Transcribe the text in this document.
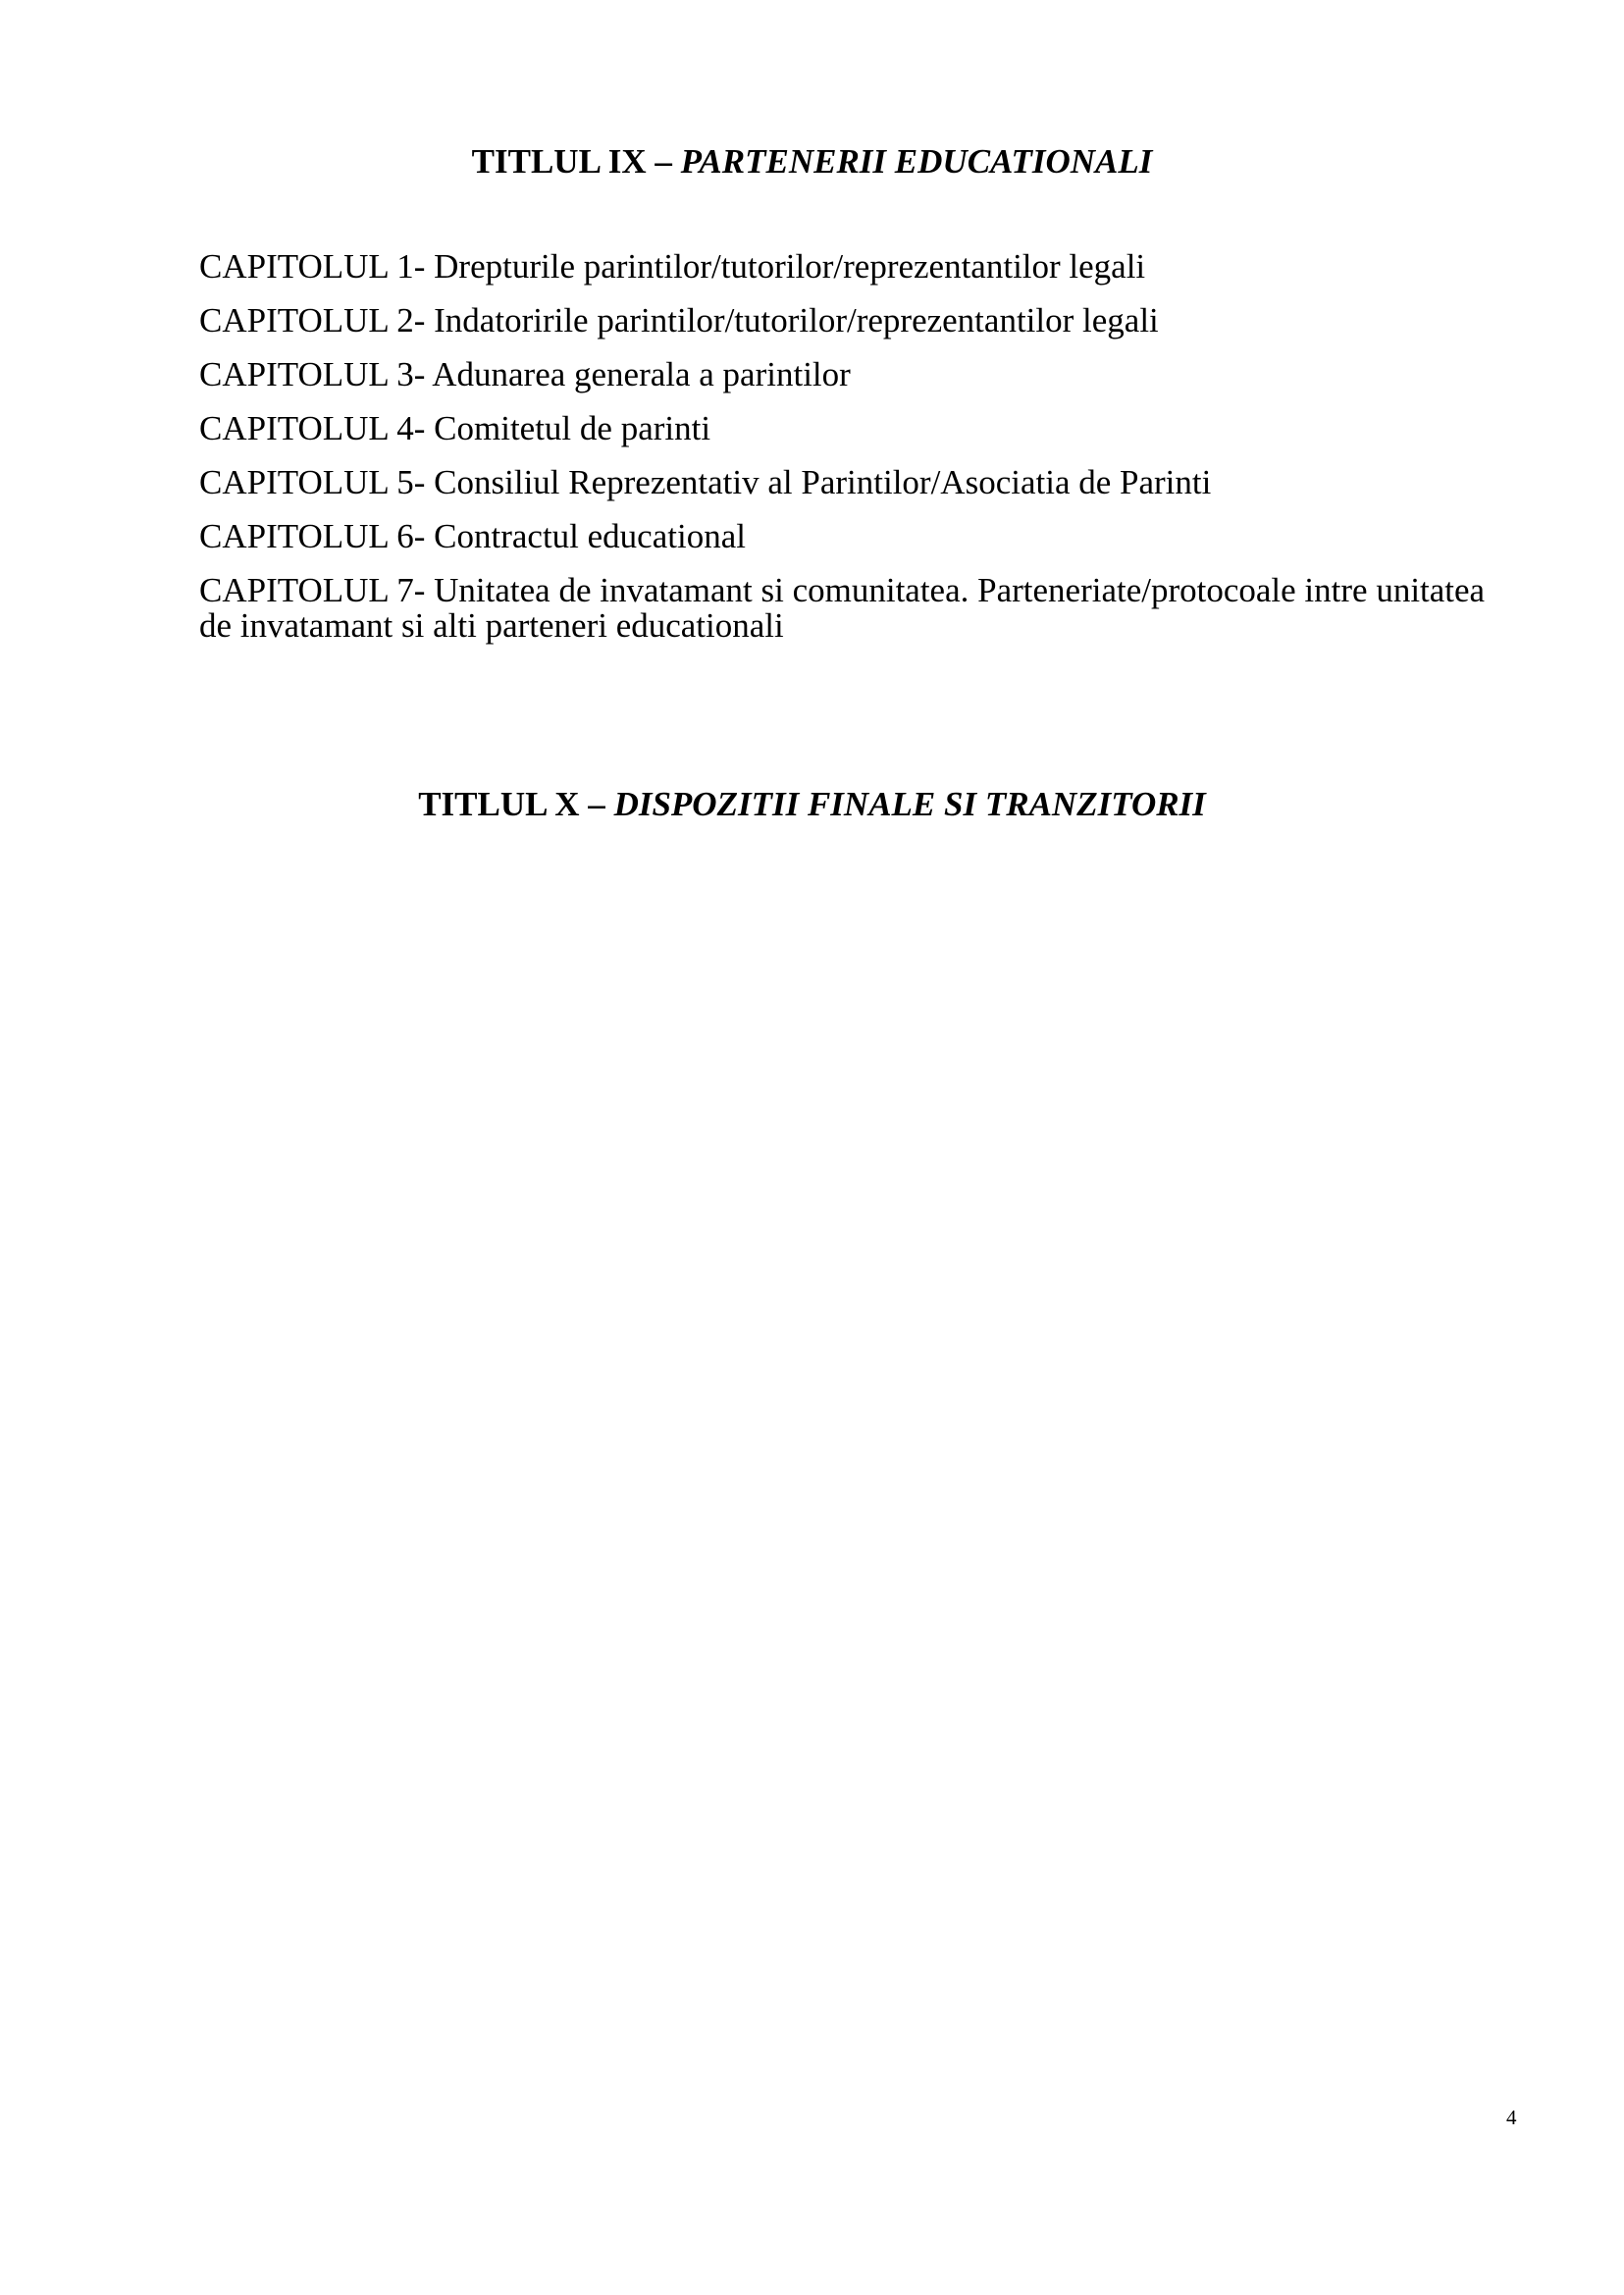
TITLUL IX – PARTENERII EDUCATIONALI
CAPITOLUL 1- Drepturile parintilor/tutorilor/reprezentantilor legali
CAPITOLUL 2- Indatoririle parintilor/tutorilor/reprezentantilor legali
CAPITOLUL 3- Adunarea generala a parintilor
CAPITOLUL 4- Comitetul de parinti
CAPITOLUL 5- Consiliul Reprezentativ al Parintilor/Asociatia de Parinti
CAPITOLUL 6- Contractul educational
CAPITOLUL 7- Unitatea de invatamant si comunitatea. Parteneriate/protocoale intre unitatea de invatamant si alti parteneri educationali
TITLUL X – DISPOZITII FINALE SI TRANZITORII
4
